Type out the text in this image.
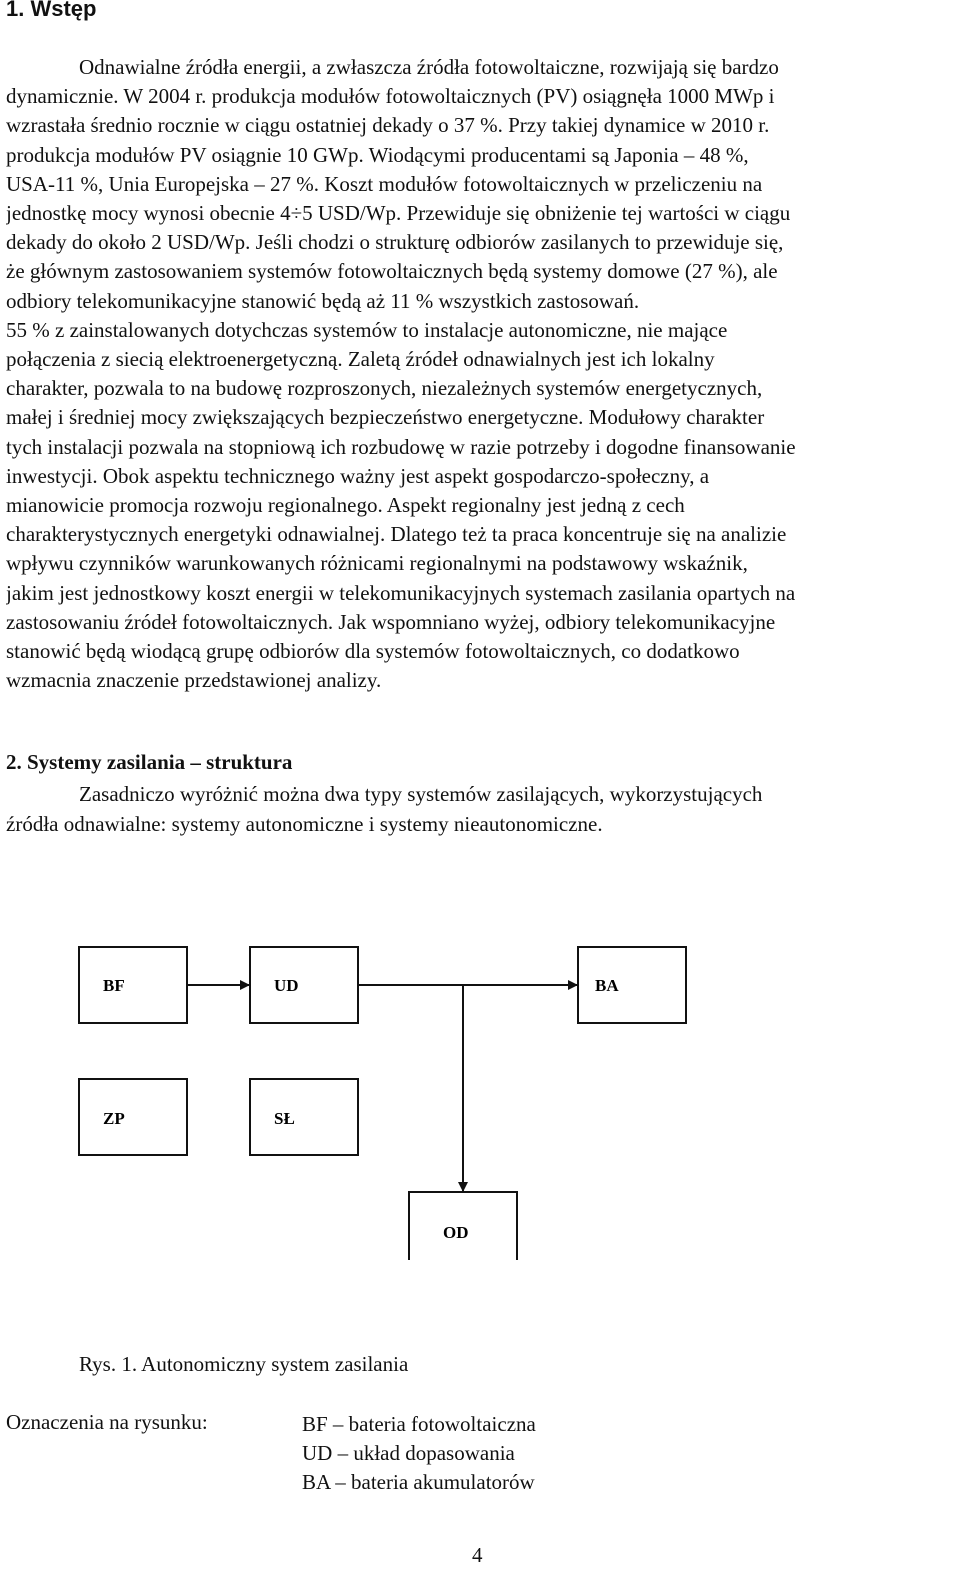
1. Wstęp
Odnawialne źródła energii, a zwłaszcza źródła fotowoltaiczne, rozwijają się bardzo
dynamicznie. W 2004 r. produkcja modułów fotowoltaicznych (PV) osiągnęła 1000 MWp i
wzrastała średnio rocznie w ciągu ostatniej dekady o 37 %. Przy takiej dynamice w 2010 r.
produkcja modułów PV osiągnie 10 GWp. Wiodącymi producentami są Japonia – 48 %,
USA-11 %, Unia Europejska – 27 %. Koszt modułów fotowoltaicznych w przeliczeniu na
jednostkę mocy wynosi obecnie 4÷5 USD/Wp. Przewiduje się obniżenie tej wartości w ciągu
dekady do około 2 USD/Wp. Jeśli chodzi o strukturę odbiorów zasilanych to przewiduje się,
że głównym zastosowaniem systemów fotowoltaicznych będą systemy domowe (27 %), ale
odbiory telekomunikacyjne stanowić będą aż 11 % wszystkich zastosowań.
55 % z zainstalowanych dotychczas systemów to instalacje autonomiczne, nie mające
połączenia z siecią elektroenergetyczną. Zaletą źródeł odnawialnych jest ich lokalny
charakter, pozwala to na budowę rozproszonych, niezależnych systemów energetycznych,
małej i średniej mocy zwiększających bezpieczeństwo energetyczne. Modułowy charakter
tych instalacji pozwala na stopniową ich rozbudowę w razie potrzeby i dogodne finansowanie
inwestycji. Obok aspektu technicznego ważny jest aspekt gospodarczo-społeczny, a
mianowicie promocja rozwoju regionalnego. Aspekt regionalny jest jedną z cech
charakterystycznych energetyki odnawialnej. Dlatego też ta praca koncentruje się na analizie
wpływu czynników warunkowanych różnicami regionalnymi na podstawowy wskaźnik,
jakim jest jednostkowy koszt energii w telekomunikacyjnych systemach zasilania opartych na
zastosowaniu źródeł fotowoltaicznych. Jak wspomniano wyżej, odbiory telekomunikacyjne
stanowić będą wiodącą grupę odbiorów dla systemów fotowoltaicznych, co dodatkowo
wzmacnia znaczenie przedstawionej analizy.
2. Systemy zasilania – struktura
Zasadniczo wyróżnić można dwa typy systemów zasilających, wykorzystujących
źródła odnawialne: systemy autonomiczne i systemy nieautonomiczne.
BF	UD	BA
ZP	SŁ
OD

Rys. 1. Autonomiczny system zasilania

Oznaczenia na rysunku:	BF – bateria fotowoltaiczna
UD – układ dopasowania
BA – bateria akumulatorów

4
